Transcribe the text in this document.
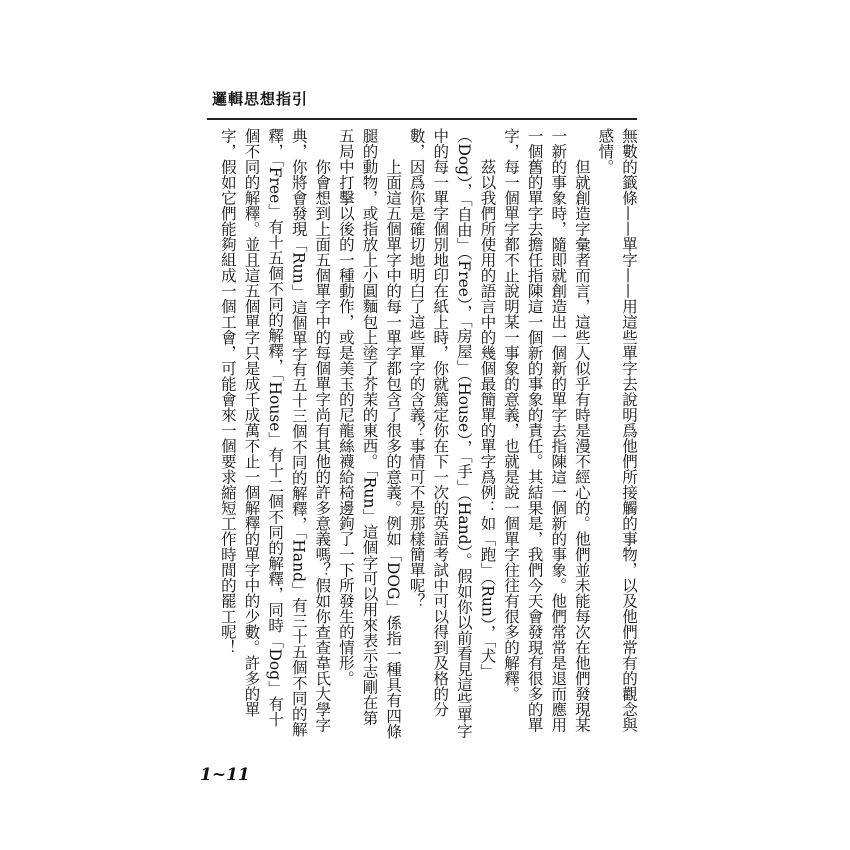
邏輯思想指引

無數的籤條——單字——用這些單字去說明爲他們所接觸的事物，以及他們常有的觀念與感情。

但就創造字彙者而言，這些人似乎有時是漫不經心的。他們並未能每次在他們發現某一新的事象時，隨即就創造出一個新的單字去指陳這一個新的事象。他們常常是退而應用一個舊的單字去擔任指陳這一個新的事象的責任。其結果是，我們今天會發現有很多的單字，每一個單字都不止說明某一事象的意義，也就是說一個單字往往有很多的解釋。

茲以我們所使用的語言中的幾個最簡單的單字爲例：如「跑」（Run），「犬」（Dog），「自由」（Free），「房屋」（House），「手」（Hand）。假如你以前看見這些單字中的每一單字個別地印在紙上時，你就篤定你在下一次的英語考試中可以得到及格的分數，因爲你是確切地明白了這些單字的含義？事情可不是那樣簡單呢？

上面這五個單字中的每一單字都包含了很多的意義。例如「DOG」係指一種具有四條腿的動物，或指放上小圓麵包上塗了芥茉的東西。「Run」這個字可以用來表示志剛在第五局中打擊以後的一種動作，或是美玉的尼龍絲襪給椅邊鉤了一下所發生的情形。

你會想到上面五個單字中的每個單字尚有其他的許多意義嗎？假如你查查韋氏大學字典，你將會發現「Run」這個單字有五十三個不同的解釋，「Hand」有三十五個不同的解釋，「Free」有十五個不同的解釋，「House」有十二個不同的解釋，同時「Dog」有十個不同的解釋。並且這五個單字只是成千成萬不止一個解釋的單字中的少數。許多的單字，假如它們能夠組成一個工會，可能會來一個要求縮短工作時間的罷工呢！

1~11
